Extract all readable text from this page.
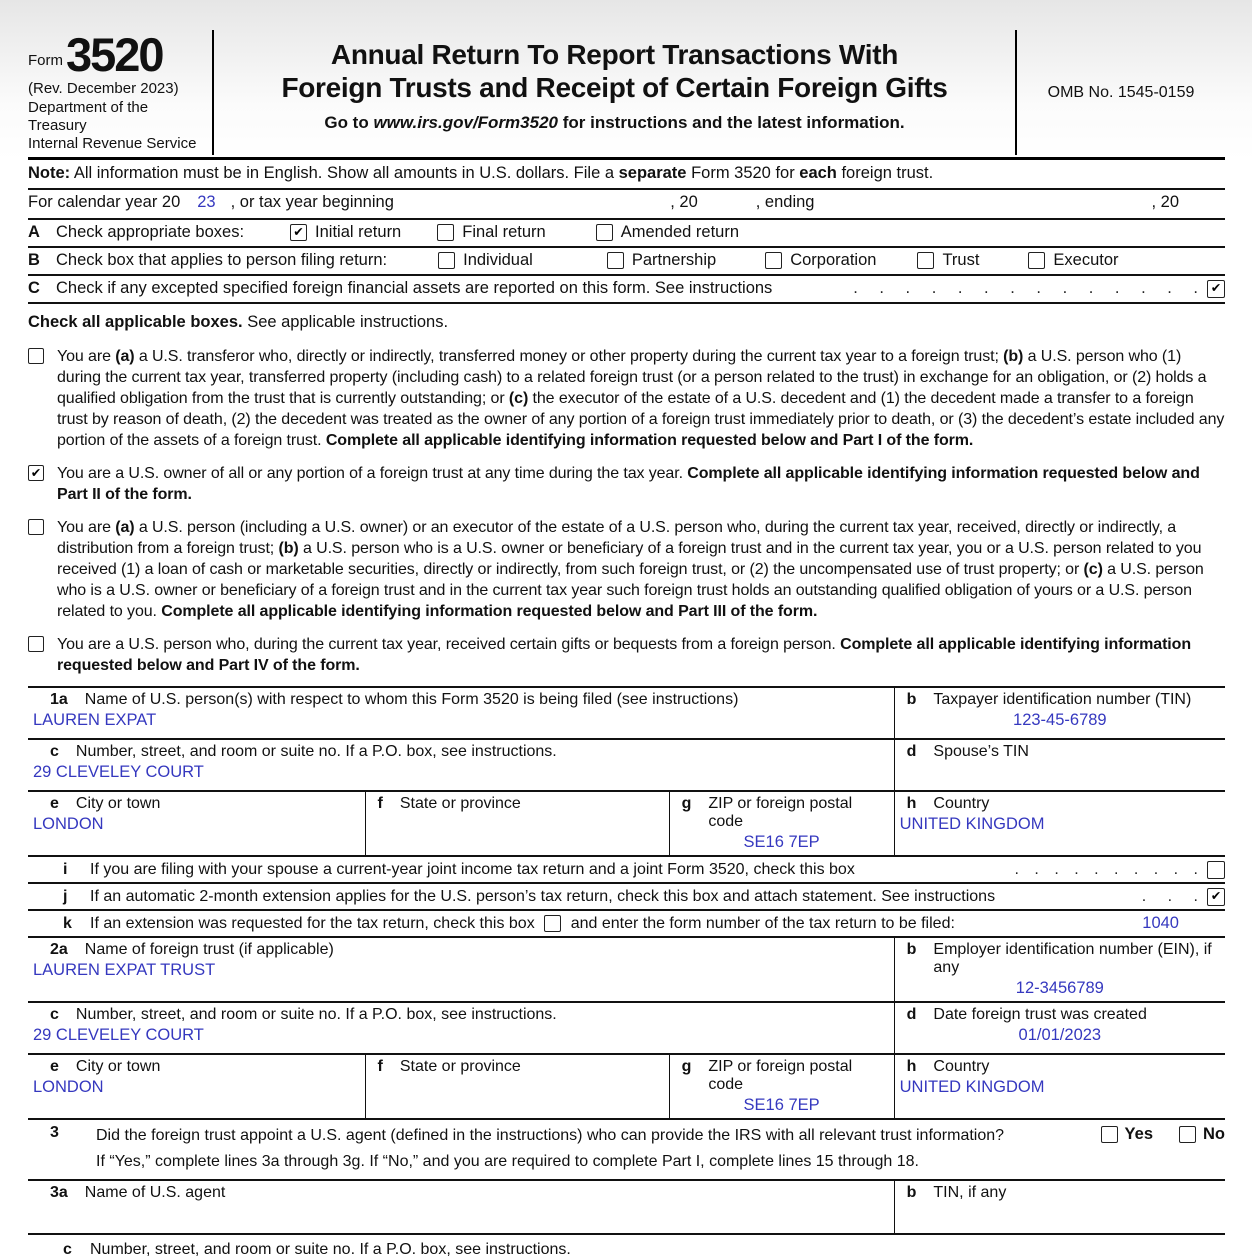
Form 3520
(Rev. December 2023)
Department of the Treasury
Internal Revenue Service
Annual Return To Report Transactions With
Foreign Trusts and Receipt of Certain Foreign Gifts
Go to www.irs.gov/Form3520 for instructions and the latest information.
OMB No. 1545-0159
Note: All information must be in English. Show all amounts in U.S. dollars. File a separate Form 3520 for each foreign trust.
For calendar year 20 23 , or tax year beginning	, 20	, ending	, 20
A Check appropriate boxes:	✔ Initial return	Final return	Amended return
B Check box that applies to person filing return:	Individual	Partnership	Corporation	Trust	Executor
C Check if any excepted specified foreign financial assets are reported on this form. See instructions	. . . . . . . . . . . . . .	✔
Check all applicable boxes. See applicable instructions.
You are (a) a U.S. transferor who, directly or indirectly, transferred money or other property during the current tax year to a foreign trust; (b) a U.S. person who (1) during the current tax year, transferred property (including cash) to a related foreign trust (or a person related to the trust) in exchange for an obligation, or (2) holds a qualified obligation from the trust that is currently outstanding; or (c) the executor of the estate of a U.S. decedent and (1) the decedent made a transfer to a foreign trust by reason of death, (2) the decedent was treated as the owner of any portion of a foreign trust immediately prior to death, or (3) the decedent’s estate included any portion of the assets of a foreign trust. Complete all applicable identifying information requested below and Part I of the form.
✔ You are a U.S. owner of all or any portion of a foreign trust at any time during the tax year. Complete all applicable identifying information requested below and Part II of the form.
You are (a) a U.S. person (including a U.S. owner) or an executor of the estate of a U.S. person who, during the current tax year, received, directly or indirectly, a distribution from a foreign trust; (b) a U.S. person who is a U.S. owner or beneficiary of a foreign trust and in the current tax year, you or a U.S. person related to you received (1) a loan of cash or marketable securities, directly or indirectly, from such foreign trust, or (2) the uncompensated use of trust property; or (c) a U.S. person who is a U.S. owner or beneficiary of a foreign trust and in the current tax year such foreign trust holds an outstanding qualified obligation of yours or a U.S. person related to you. Complete all applicable identifying information requested below and Part III of the form.
You are a U.S. person who, during the current tax year, received certain gifts or bequests from a foreign person. Complete all applicable identifying information requested below and Part IV of the form.
1a Name of U.S. person(s) with respect to whom this Form 3520 is being filed (see instructions)
LAUREN EXPAT
b Taxpayer identification number (TIN)
123-45-6789
c Number, street, and room or suite no. If a P.O. box, see instructions.
29 CLEVELEY COURT
d Spouse’s TIN
e City or town
LONDON
f State or province	g ZIP or foreign postal code
SE16 7EP
h Country
UNITED KINGDOM
i	If you are filing with your spouse a current-year joint income tax return and a joint Form 3520, check this box	. . . . . . . . . .
j	If an automatic 2-month extension applies for the U.S. person’s tax return, check this box and attach statement. See instructions	. . .	✔
k	If an extension was requested for the tax return, check this box and enter the form number of the tax return to be filed:	1040
2a Name of foreign trust (if applicable)
LAUREN EXPAT TRUST
b Employer identification number (EIN), if any
12-3456789
c Number, street, and room or suite no. If a P.O. box, see instructions.
29 CLEVELEY COURT
d Date foreign trust was created
01/01/2023
e City or town
LONDON
f State or province	g ZIP or foreign postal code
SE16 7EP
h Country
UNITED KINGDOM
3	Did the foreign trust appoint a U.S. agent (defined in the instructions) who can provide the IRS with all relevant trust information?	Yes	No
If “Yes,” complete lines 3a through 3g. If “No,” and you are required to complete Part I, complete lines 15 through 18.
3a Name of U.S. agent	b TIN, if any
c	Number, street, and room or suite no. If a P.O. box, see instructions.
